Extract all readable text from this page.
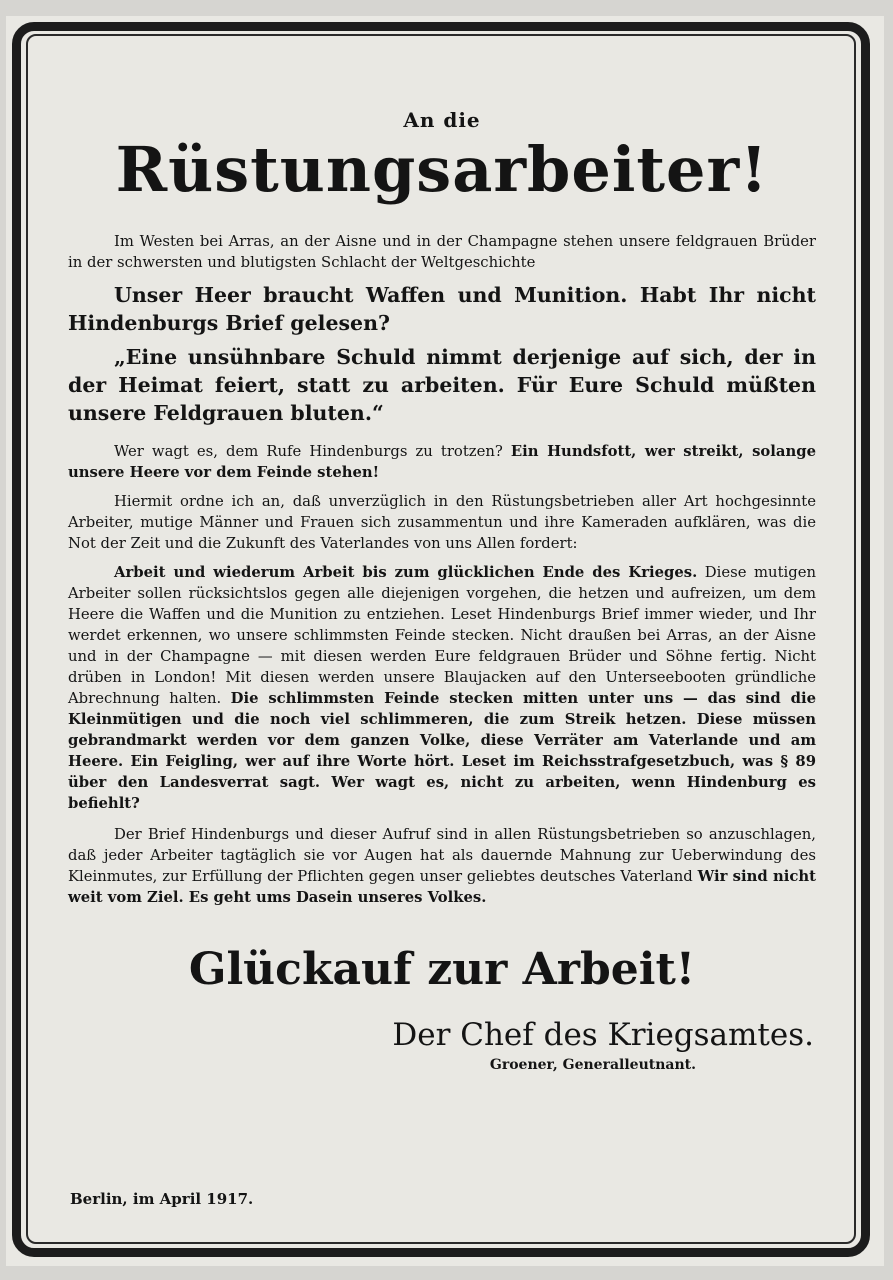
An die
Rüstungsarbeiter!

Im Westen bei Arras, an der Aisne und in der Champagne stehen unsere feldgrauen Brüder in der schwersten und blutigsten Schlacht der Weltgeschichte

Unser Heer braucht Waffen und Munition. Habt Ihr nicht Hindenburgs Brief gelesen?

„Eine unsühnbare Schuld nimmt derjenige auf sich, der in der Heimat feiert, statt zu arbeiten. Für Eure Schuld müßten unsere Feldgrauen bluten.“

Wer wagt es, dem Rufe Hindenburgs zu trotzen? Ein Hundsfott, wer streikt, solange unsere Heere vor dem Feinde stehen!

Hiermit ordne ich an, daß unverzüglich in den Rüstungsbetrieben aller Art hochgesinnte Arbeiter, mutige Männer und Frauen sich zusammentun und ihre Kameraden aufklären, was die Not der Zeit und die Zukunft des Vaterlandes von uns Allen fordert:

Arbeit und wiederum Arbeit bis zum glücklichen Ende des Krieges. Diese mutigen Arbeiter sollen rücksichtslos gegen alle diejenigen vorgehen, die hetzen und aufreizen, um dem Heere die Waffen und die Munition zu entziehen. Leset Hindenburgs Brief immer wieder, und Ihr werdet erkennen, wo unsere schlimmsten Feinde stecken. Nicht draußen bei Arras, an der Aisne und in der Champagne — mit diesen werden Eure feldgrauen Brüder und Söhne fertig. Nicht drüben in London! Mit diesen werden unsere Blaujacken auf den Unterseebooten gründliche Abrechnung halten. Die schlimmsten Feinde stecken mitten unter uns — das sind die Kleinmütigen und die noch viel schlimmeren, die zum Streik hetzen. Diese müssen gebrandmarkt werden vor dem ganzen Volke, diese Verräter am Vaterlande und am Heere. Ein Feigling, wer auf ihre Worte hört. Leset im Reichsstrafgesetzbuch, was § 89 über den Landesverrat sagt. Wer wagt es, nicht zu arbeiten, wenn Hindenburg es befiehlt?

Der Brief Hindenburgs und dieser Aufruf sind in allen Rüstungsbetrieben so anzuschlagen, daß jeder Arbeiter tagtäglich sie vor Augen hat als dauernde Mahnung zur Ueberwindung des Kleinmutes, zur Erfüllung der Pflichten gegen unser geliebtes deutsches Vaterland Wir sind nicht weit vom Ziel. Es geht ums Dasein unseres Volkes.

Glückauf zur Arbeit!
Der Chef des Kriegsamtes.
Groener, Generalleutnant.
Berlin, im April 1917.
